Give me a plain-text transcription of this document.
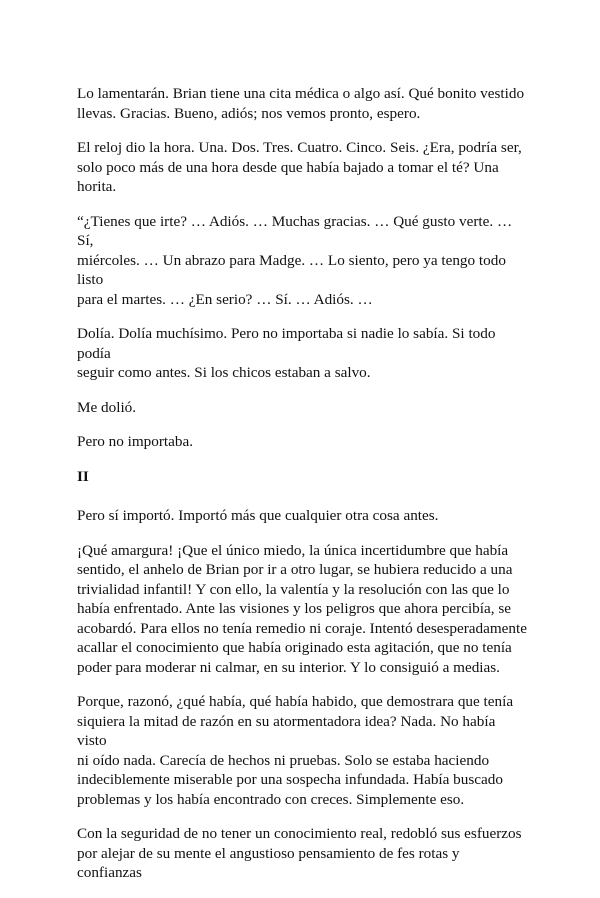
Lo lamentarán. Brian tiene una cita médica o algo así. Qué bonito vestido
llevas. Gracias. Bueno, adiós; nos vemos pronto, espero.

El reloj dio la hora. Una. Dos. Tres. Cuatro. Cinco. Seis. ¿Era, podría ser,
solo poco más de una hora desde que había bajado a tomar el té? Una
horita.

“¿Tienes que irte? … Adiós. … Muchas gracias. … Qué gusto verte. … Sí,
miércoles. … Un abrazo para Madge. … Lo siento, pero ya tengo todo listo
para el martes. … ¿En serio? … Sí. … Adiós. …

Dolía. Dolía muchísimo. Pero no importaba si nadie lo sabía. Si todo podía
seguir como antes. Si los chicos estaban a salvo.

Me dolió.

Pero no importaba.

II

Pero sí importó. Importó más que cualquier otra cosa antes.

¡Qué amargura! ¡Que el único miedo, la única incertidumbre que había
sentido, el anhelo de Brian por ir a otro lugar, se hubiera reducido a una
trivialidad infantil! Y con ello, la valentía y la resolución con las que lo
había enfrentado. Ante las visiones y los peligros que ahora percibía, se
acobardó. Para ellos no tenía remedio ni coraje. Intentó desesperadamente
acallar el conocimiento que había originado esta agitación, que no tenía
poder para moderar ni calmar, en su interior. Y lo consiguió a medias.

Porque, razonó, ¿qué había, qué había habido, que demostrara que tenía
siquiera la mitad de razón en su atormentadora idea? Nada. No había visto
ni oído nada. Carecía de hechos ni pruebas. Solo se estaba haciendo
indeciblemente miserable por una sospecha infundada. Había buscado
problemas y los había encontrado con creces. Simplemente eso.

Con la seguridad de no tener un conocimiento real, redobló sus esfuerzos
por alejar de su mente el angustioso pensamiento de fes rotas y confianzas
